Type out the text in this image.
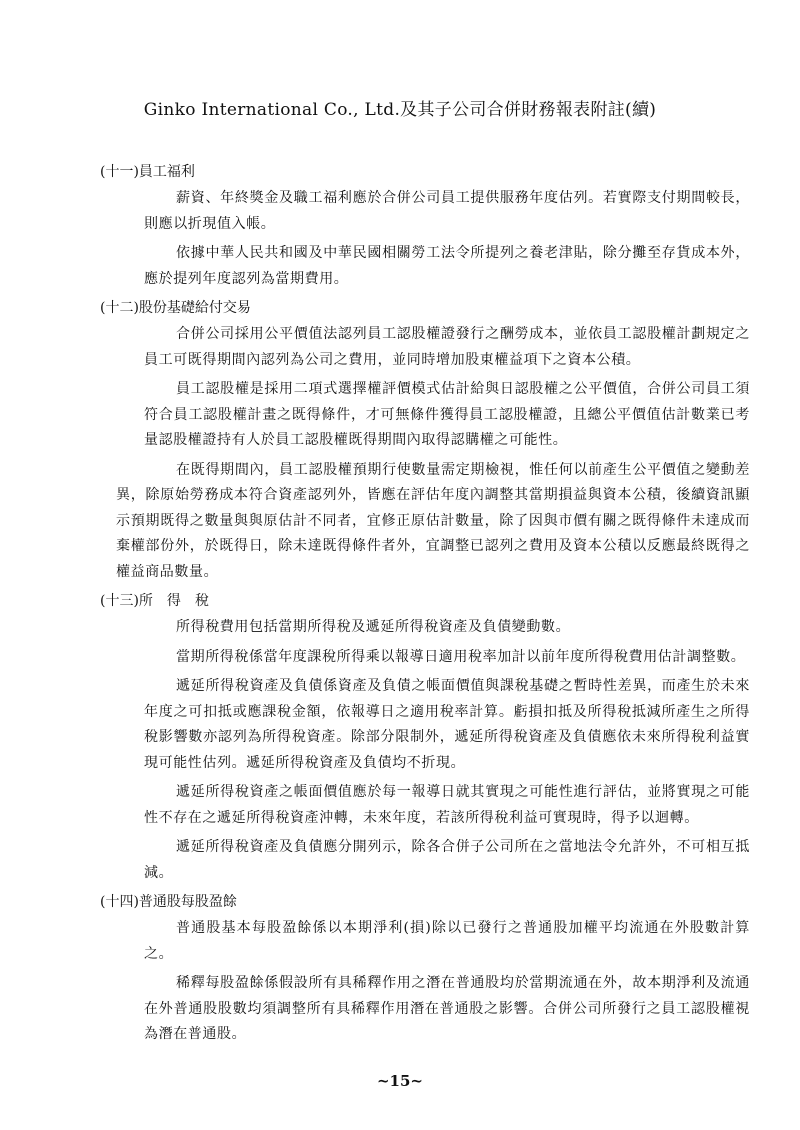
Ginko International Co., Ltd.及其子公司合併財務報表附註(續)
(十一)員工福利

薪資、年終獎金及職工福利應於合併公司員工提供服務年度估列。若實際支付期間較長，則應以折現值入帳。

依據中華人民共和國及中華民國相關勞工法令所提列之養老津貼，除分攤至存貨成本外，應於提列年度認列為當期費用。

(十二)股份基礎給付交易

合併公司採用公平價值法認列員工認股權證發行之酬勞成本，並依員工認股權計劃規定之員工可既得期間內認列為公司之費用，並同時增加股東權益項下之資本公積。

員工認股權是採用二項式選擇權評價模式估計給與日認股權之公平價值，合併公司員工須符合員工認股權計畫之既得條件，才可無條件獲得員工認股權證，且總公平價值估計數業已考量認股權證持有人於員工認股權既得期間內取得認購權之可能性。

在既得期間內，員工認股權預期行使數量需定期檢視，惟任何以前產生公平價值之變動差異，除原始勞務成本符合資產認列外，皆應在評估年度內調整其當期損益與資本公積，後續資訊顯示預期既得之數量與與原估計不同者，宜修正原估計數量，除了因與市價有關之既得條件未達成而棄權部份外，於既得日，除未達既得條件者外，宜調整已認列之費用及資本公積以反應最終既得之權益商品數量。

(十三)所　得　稅

所得稅費用包括當期所得稅及遞延所得稅資產及負債變動數。

當期所得稅係當年度課稅所得乘以報導日適用稅率加計以前年度所得稅費用估計調整數。

遞延所得稅資產及負債係資產及負債之帳面價值與課稅基礎之暫時性差異，而產生於未來年度之可扣抵或應課稅金額，依報導日之適用稅率計算。虧損扣抵及所得稅抵減所產生之所得稅影響數亦認列為所得稅資產。除部分限制外，遞延所得稅資產及負債應依未來所得稅利益實現可能性估列。遞延所得稅資產及負債均不折現。

遞延所得稅資產之帳面價值應於每一報導日就其實現之可能性進行評估，並將實現之可能性不存在之遞延所得稅資產沖轉，未來年度，若該所得稅利益可實現時，得予以迴轉。

遞延所得稅資產及負債應分開列示，除各合併子公司所在之當地法令允許外，不可相互抵減。

(十四)普通股每股盈餘

普通股基本每股盈餘係以本期淨利(損)除以已發行之普通股加權平均流通在外股數計算之。

稀釋每股盈餘係假設所有具稀釋作用之潛在普通股均於當期流通在外，故本期淨利及流通在外普通股股數均須調整所有具稀釋作用潛在普通股之影響。合併公司所發行之員工認股權視為潛在普通股。

~15~
